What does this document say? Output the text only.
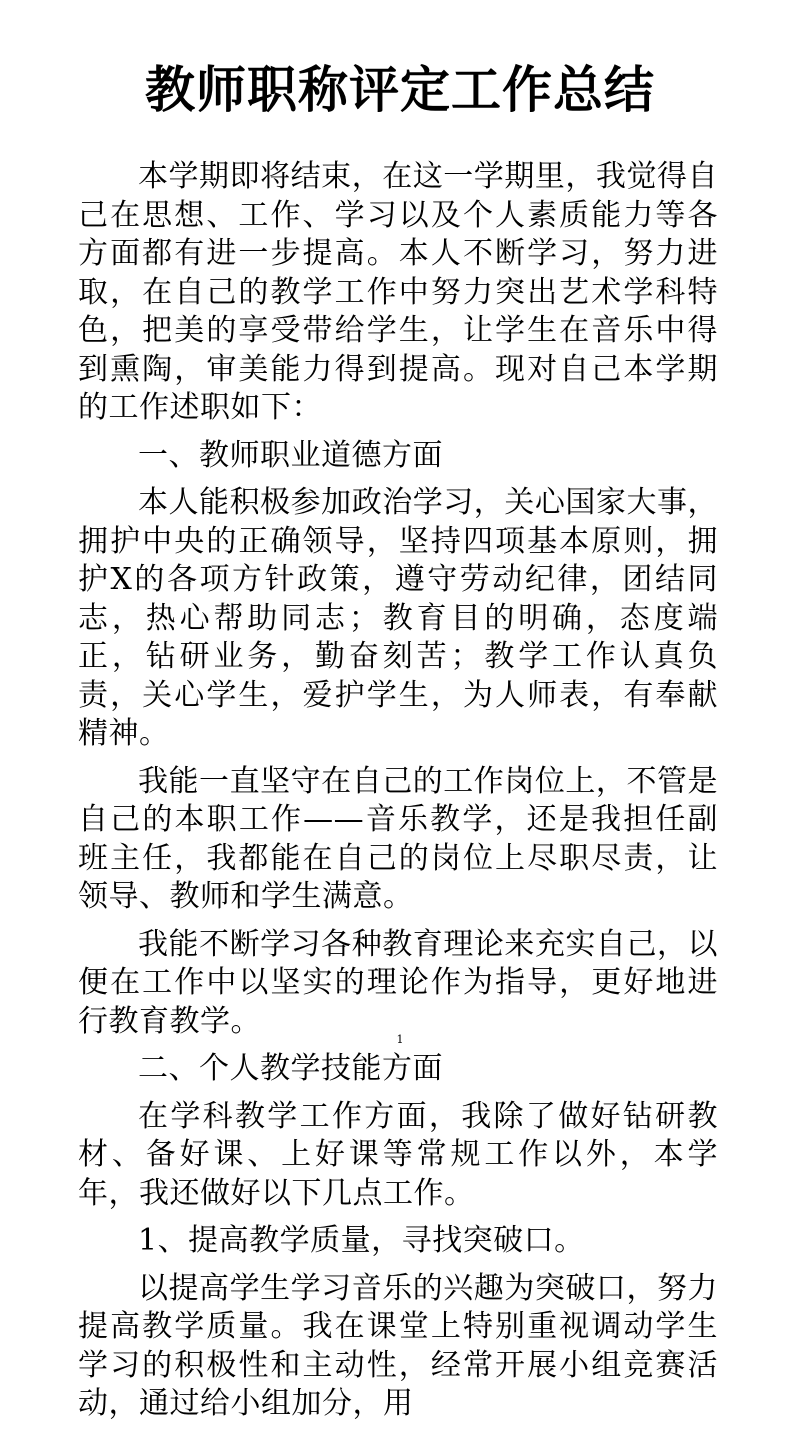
教师职称评定工作总结

本学期即将结束，在这一学期里，我觉得自己在思想、工作、学习以及个人素质能力等各方面都有进一步提高。本人不断学习，努力进取，在自己的教学工作中努力突出艺术学科特色，把美的享受带给学生，让学生在音乐中得到熏陶，审美能力得到提高。现对自己本学期的工作述职如下：

一、教师职业道德方面

本人能积极参加政治学习，关心国家大事，拥护中央的正确领导，坚持四项基本原则，拥护X的各项方针政策，遵守劳动纪律，团结同志，热心帮助同志；教育目的明确，态度端正，钻研业务，勤奋刻苦；教学工作认真负责，关心学生，爱护学生，为人师表，有奉献精神。

我能一直坚守在自己的工作岗位上，不管是自己的本职工作——音乐教学，还是我担任副班主任，我都能在自己的岗位上尽职尽责，让领导、教师和学生满意。

我能不断学习各种教育理论来充实自己，以便在工作中以坚实的理论作为指导，更好地进行教育教学。

二、个人教学技能方面

在学科教学工作方面，我除了做好钻研教材、备好课、上好课等常规工作以外，本学年，我还做好以下几点工作。

1、提高教学质量，寻找突破口。

以提高学生学习音乐的兴趣为突破口，努力提高教学质量。我在课堂上特别重视调动学生学习的积极性和主动性，经常开展小组竞赛活动，通过给小组加分，用

1
